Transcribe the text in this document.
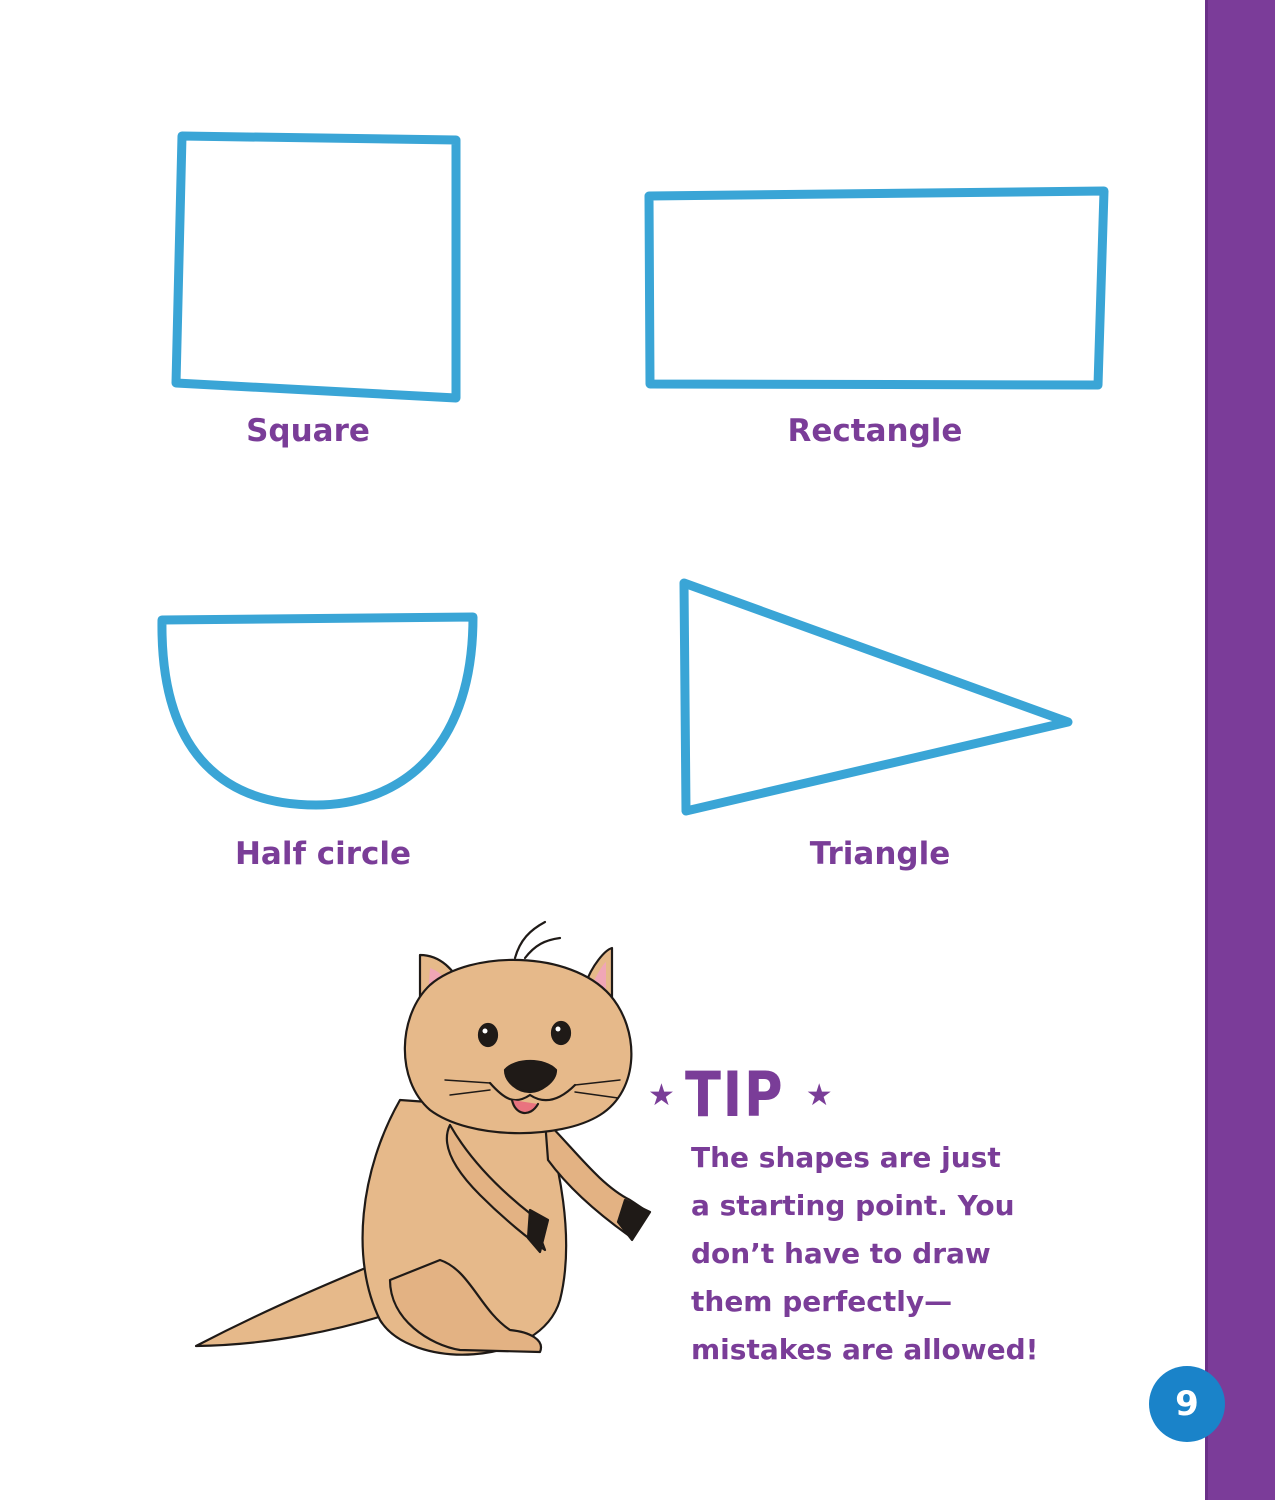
Square	Rectangle
Half circle	Triangle
★ TIP ★
The shapes are just
a starting point. You
don’t have to draw
them perfectly—
mistakes are allowed!
9
